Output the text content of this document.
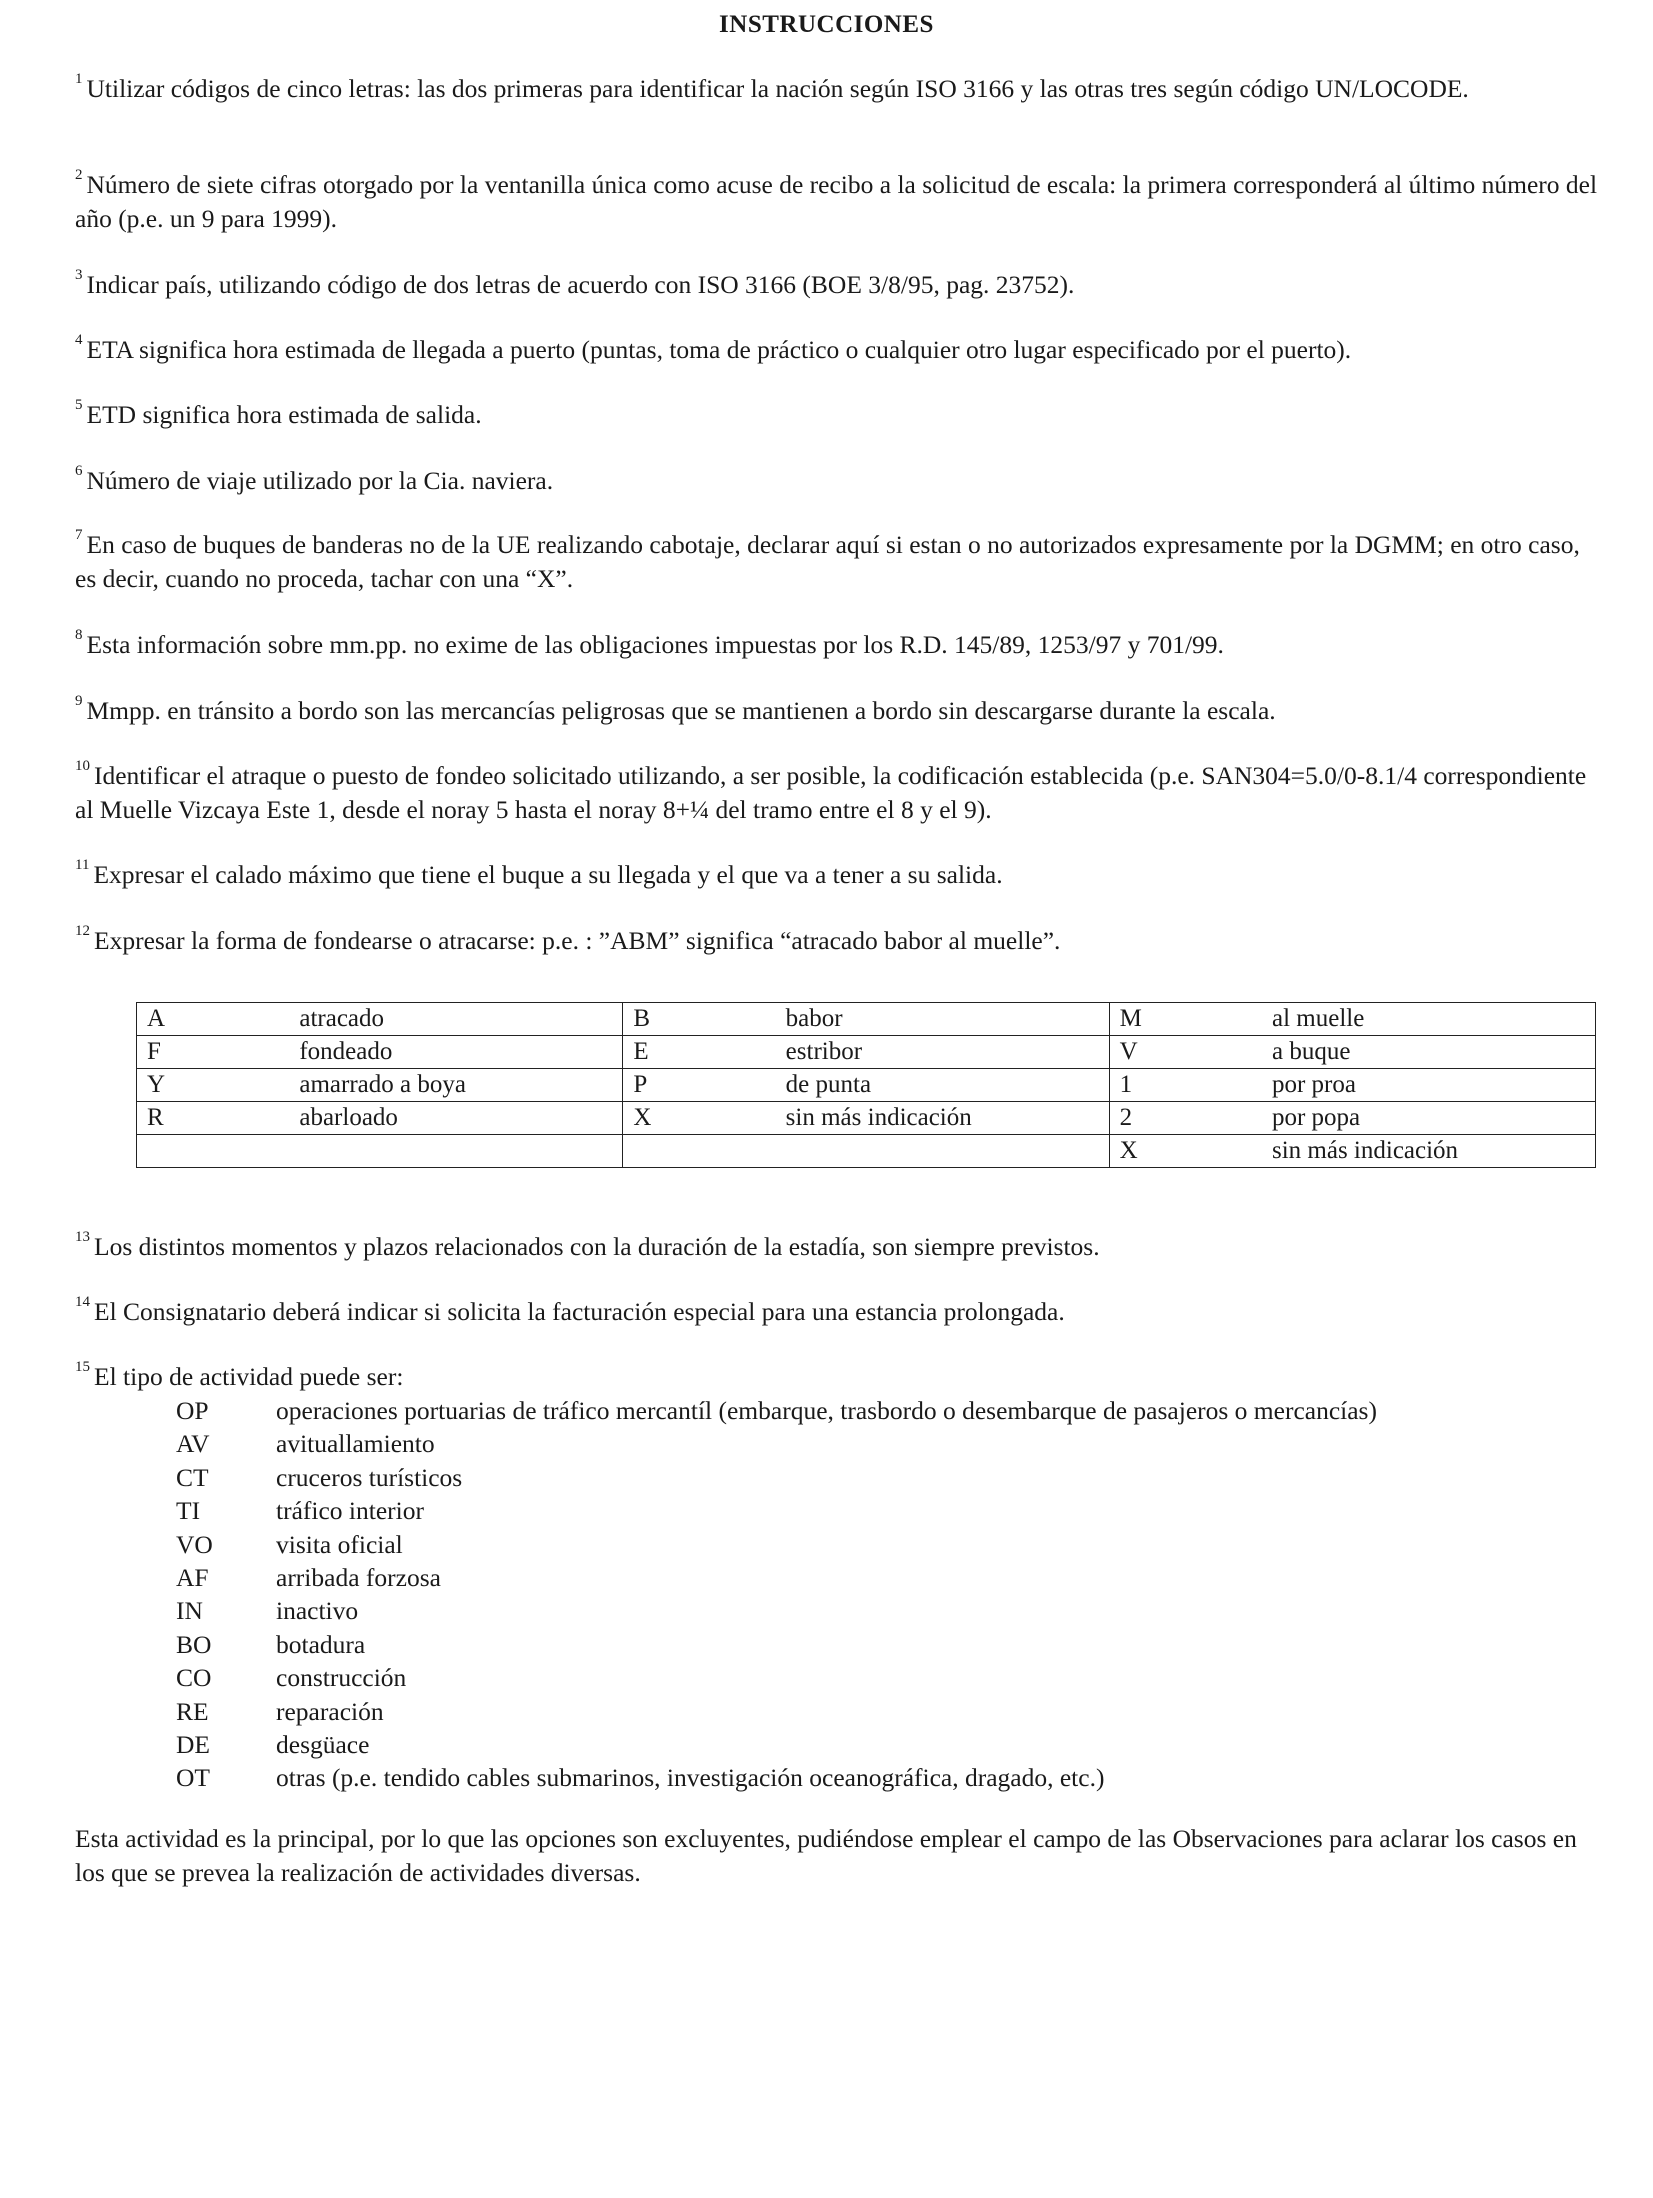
INSTRUCCIONES

$^1$ Utilizar códigos de cinco letras: las dos primeras para identificar la nación según ISO 3166 y las otras tres según código UN/LOCODE.

$^2$ Número de siete cifras otorgado por la ventanilla única como acuse de recibo a la solicitud de escala: la primera corresponderá al último número del año (p.e. un 9 para 1999).

$^3$ Indicar país, utilizando código de dos letras de acuerdo con ISO 3166 (BOE 3/8/95, pag. 23752).

$^4$ ETA significa hora estimada de llegada a puerto (puntas, toma de práctico o cualquier otro lugar especificado por el puerto).

$^5$ ETD significa hora estimada de salida.

$^6$ Número de viaje utilizado por la Cia. naviera.

$^7$ En caso de buques de banderas no de la UE realizando cabotaje, declarar aquí si estan o no autorizados expresamente por la DGMM; en otro caso, es decir, cuando no proceda, tachar con una “X”.

$^8$ Esta información sobre mm.pp. no exime de las obligaciones impuestas por los R.D. 145/89, 1253/97 y 701/99.

$^9$ Mmpp. en tránsito a bordo son las mercancías peligrosas que se mantienen a bordo sin descargarse durante la escala.

$^{10}$ Identificar el atraque o puesto de fondeo solicitado utilizando, a ser posible, la codificación establecida (p.e. SAN304=5.0/0-8.1/4 correspondiente al Muelle Vizcaya Este 1, desde el noray 5 hasta el noray 8+¼ del tramo entre el 8 y el 9).

$^{11}$ Expresar el calado máximo que tiene el buque a su llegada y el que va a tener a su salida.

$^{12}$ Expresar la forma de fondearse o atracarse: p.e. : ”ABM” significa “atracado babor al muelle”.

A	atracado	B	babor	M	al muelle
F	fondeado	E	estribor	V	a buque
Y	amarrado a boya	P	de punta	1	por proa
R	abarloado	X	sin más indicación	2	por popa
				X	sin más indicación

$^{13}$ Los distintos momentos y plazos relacionados con la duración de la estadía, son siempre previstos.

$^{14}$ El Consignatario deberá indicar si solicita la facturación especial para una estancia prolongada.

$^{15}$ El tipo de actividad puede ser:

OP	operaciones portuarias de tráfico mercantíl (embarque, trasbordo o desembarque de pasajeros o mercancías)
AV	avituallamiento
CT	cruceros turísticos
TI	tráfico interior
VO visita oficial
AF	arribada forzosa
IN	inactivo
BO	botadura
CO	construcción
RE	reparación
DE	desgüace
OT	otras (p.e. tendido cables submarinos, investigación oceanográfica, dragado, etc.)

Esta actividad es la principal, por lo que las opciones son excluyentes, pudiéndose emplear el campo de las Observaciones para aclarar los casos en los que se prevea la realización de actividades diversas.
